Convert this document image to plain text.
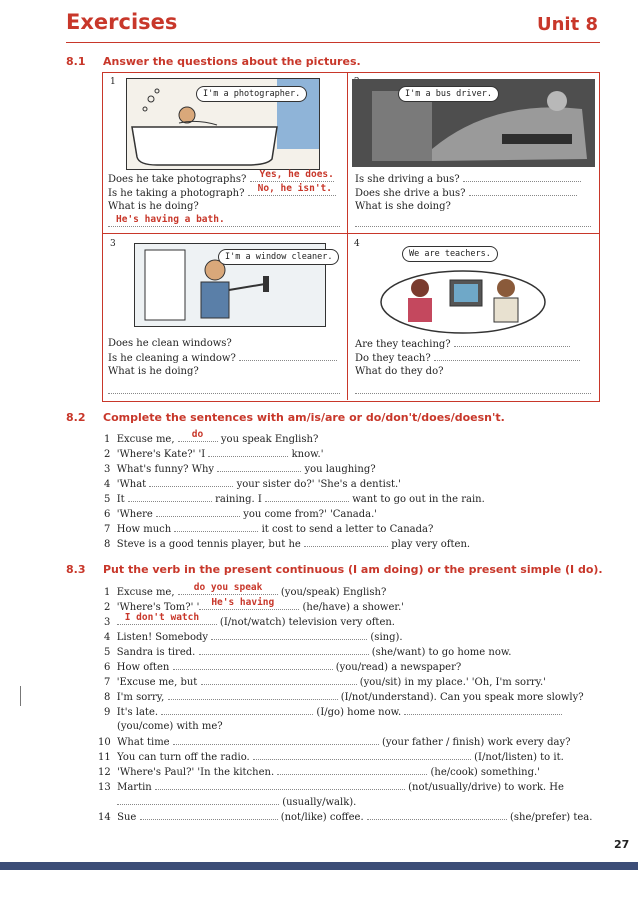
Exercises	Unit 8
8.1 Answer the questions about the pictures.
1
I'm a photographer.
Does he take photographs? Yes, he does.
Is he taking a photograph? No, he isn't.
What is he doing?
He's having a bath.
I'm a bus driver.
Is she driving a bus?
Does she drive a bus?
What is she doing?
3
I'm a window cleaner.
Does he clean windows?
Is he cleaning a window?
What is he doing?
4
We are teachers.
Are they teaching?
Do they teach?
What do they do?
8.2 Complete the sentences with am/is/are or do/don't/does/doesn't.
1 Excuse me, do you speak English?
2 'Where's Kate?' 'I	know.'
3 What's funny? Why	you laughing?
4 'What	your sister do?' 'She's a dentist.'
5 It	raining. I	want to go out in the rain.
6 'Where	you come from?' 'Canada.'
7 How much	it cost to send a letter to Canada?
8 Steve is a good tennis player, but he	play very often.
8.3 Put the verb in the present continuous (I am doing) or the present simple (I do).
1 Excuse me, do you speak (you/speak) English?
2 'Where's Tom?' ' He's having	(he/have) a shower.'
3 I don't watch (I/not/watch) television very often.
4 Listen! Somebody	(sing).
5 Sandra is tired.	(she/want) to go home now.
6 How often	(you/read) a newspaper?
7 'Excuse me, but	(you/sit) in my place.' 'Oh, I'm sorry.'
8 I'm sorry,	(I/not/understand). Can you speak more slowly?
9 It's late.	(I/go) home now.
(you/come) with me?
10 What time	(your father / finish) work every day?
11 You can turn off the radio.	(I/not/listen) to it.
12 'Where's Paul?' 'In the kitchen.	(he/cook) something.'
13 Martin	(not/usually/drive) to work. He
(usually/walk).
14 Sue	(not/like) coffee.	(she/prefer) tea.
27
